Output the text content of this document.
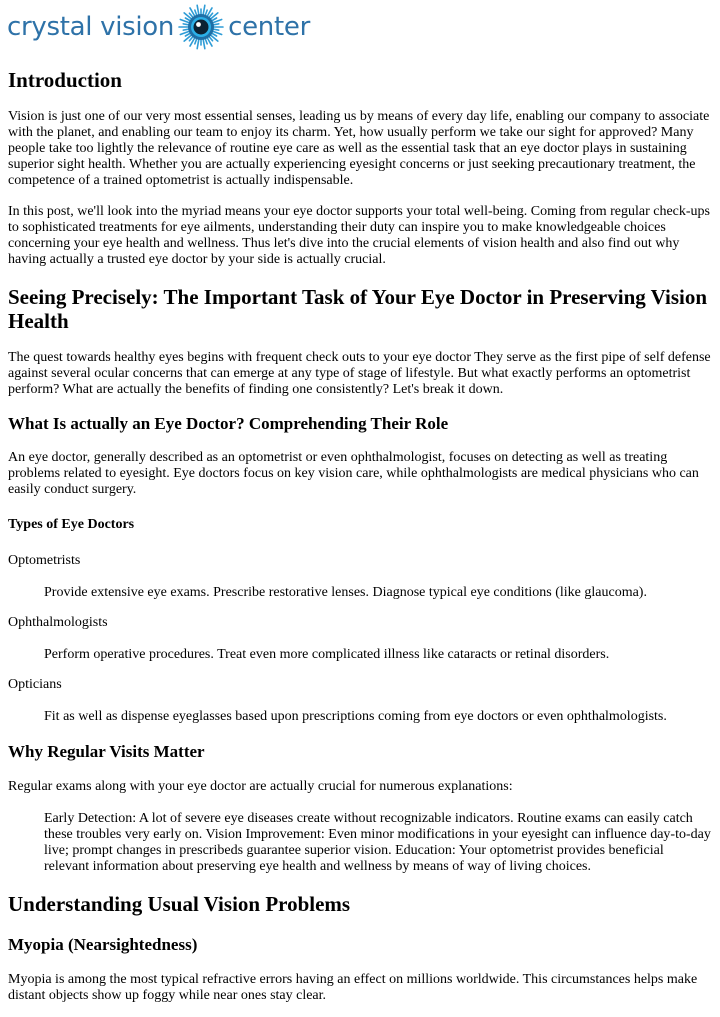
crystal vision center
Introduction

Vision is just one of our very most essential senses, leading us by means of every day life, enabling our company to associate with the planet, and enabling our team to enjoy its charm. Yet, how usually perform we take our sight for approved? Many people take too lightly the relevance of routine eye care as well as the essential task that an eye doctor plays in sustaining superior sight health. Whether you are actually experiencing eyesight concerns or just seeking precautionary treatment, the competence of a trained optometrist is actually indispensable.

In this post, we'll look into the myriad means your eye doctor supports your total well-being. Coming from regular check-ups to sophisticated treatments for eye ailments, understanding their duty can inspire you to make knowledgeable choices concerning your eye health and wellness. Thus let's dive into the crucial elements of vision health and also find out why having actually a trusted eye doctor by your side is actually crucial.

Seeing Precisely: The Important Task of Your Eye Doctor in Preserving Vision Health

The quest towards healthy eyes begins with frequent check outs to your eye doctor They serve as the first pipe of self defense against several ocular concerns that can emerge at any type of stage of lifestyle. But what exactly performs an optometrist perform? What are actually the benefits of finding one consistently? Let's break it down.

What Is actually an Eye Doctor? Comprehending Their Role

An eye doctor, generally described as an optometrist or even ophthalmologist, focuses on detecting as well as treating problems related to eyesight. Eye doctors focus on key vision care, while ophthalmologists are medical physicians who can easily conduct surgery.

Types of Eye Doctors

Optometrists

Provide extensive eye exams. Prescribe restorative lenses. Diagnose typical eye conditions (like glaucoma).

Ophthalmologists

Perform operative procedures. Treat even more complicated illness like cataracts or retinal disorders.

Opticians

Fit as well as dispense eyeglasses based upon prescriptions coming from eye doctors or even ophthalmologists.

Why Regular Visits Matter

Regular exams along with your eye doctor are actually crucial for numerous explanations:

Early Detection: A lot of severe eye diseases create without recognizable indicators. Routine exams can easily catch these troubles very early on. Vision Improvement: Even minor modifications in your eyesight can influence day-to-day live; prompt changes in prescribeds guarantee superior vision. Education: Your optometrist provides beneficial relevant information about preserving eye health and wellness by means of way of living choices.

Understanding Usual Vision Problems
Myopia (Nearsightedness)

Myopia is among the most typical refractive errors having an effect on millions worldwide. This circumstances helps make distant objects show up foggy while near ones stay clear.
